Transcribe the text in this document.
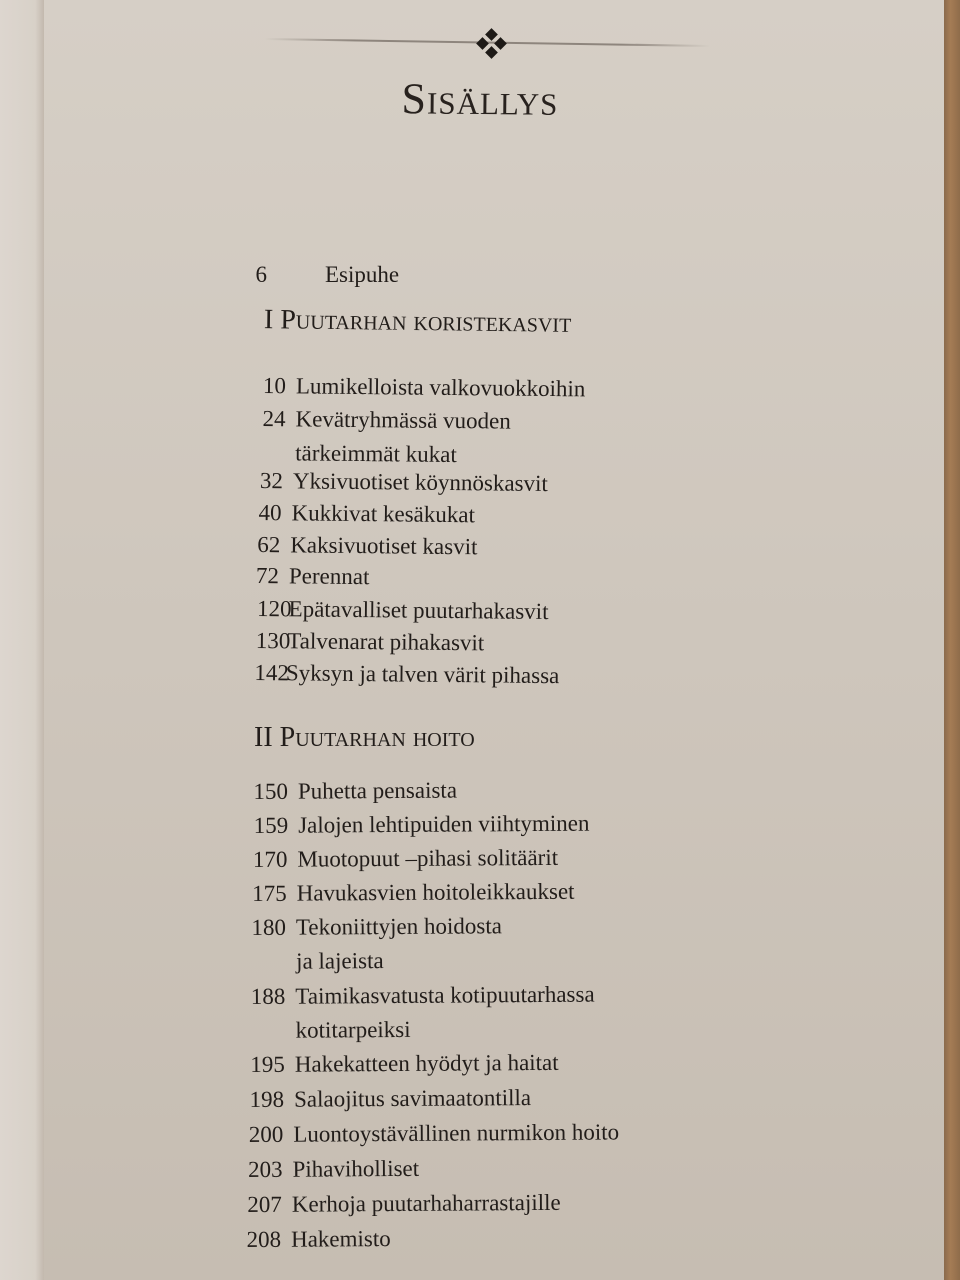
Sisällys
6	Esipuhe
I Puutarhan koristekasvit
10 Lumikelloista valkovuokkoihin
24 Kevätryhmässä vuoden
tärkeimmät kukat
32 Yksivuotiset köynnöskasvit
40 Kukkivat kesäkukat
62 Kaksivuotiset kasvit
72 Perennat
120
Epätavalliset puutarhakasvit
130
Talvenarat pihakasvit
142
Syksyn ja talven värit pihassa
II Puutarhan hoito
150 Puhetta pensaista
159 Jalojen lehtipuiden viihtyminen
170 Muotopuut –pihasi solitäärit
175 Havukasvien hoitoleikkaukset
180 Tekoniittyjen hoidosta
ja lajeista
188 Taimikasvatusta kotipuutarhassa
kotitarpeiksi
195 Hakekatteen hyödyt ja haitat
198 Salaojitus savimaatontilla
200 Luontoystävällinen nurmikon hoito
203 Pihaviholliset
207 Kerhoja puutarhaharrastajille
208 Hakemisto
